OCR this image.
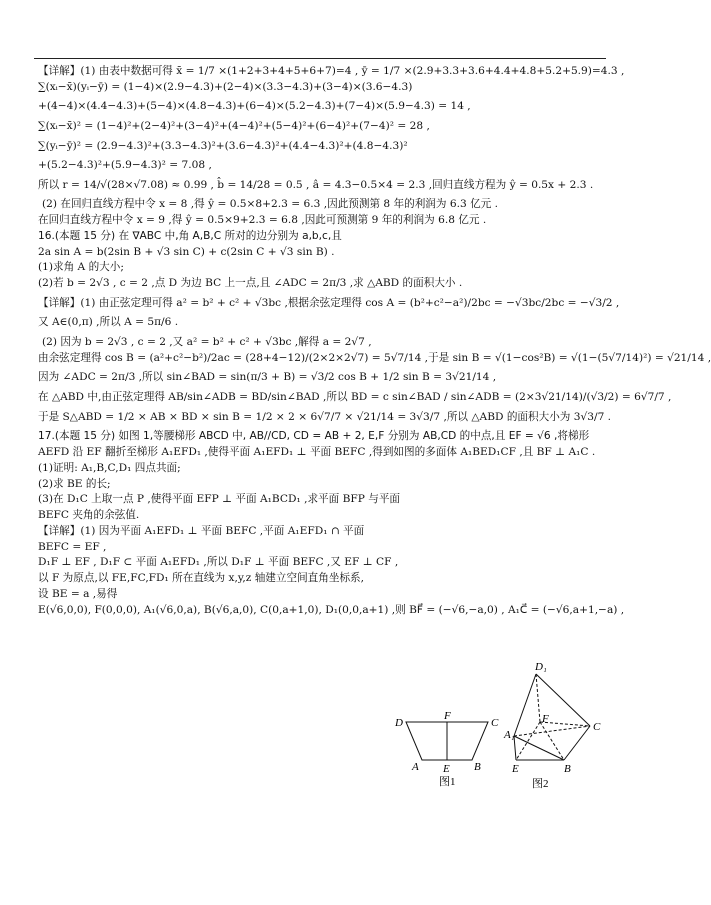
【详解】(1) 由表中数据可得 x̄ = 1/7 ×(1+2+3+4+5+6+7)=4 , ȳ = 1/7 ×(2.9+3.3+3.6+4.4+4.8+5.2+5.9)=4.3 ,
∑(xᵢ−x̄)(yᵢ−ȳ) = (1−4)×(2.9−4.3)+(2−4)×(3.3−4.3)+(3−4)×(3.6−4.3)
+(4−4)×(4.4−4.3)+(5−4)×(4.8−4.3)+(6−4)×(5.2−4.3)+(7−4)×(5.9−4.3) = 14 ,
∑(xᵢ−x̄)² = (1−4)²+(2−4)²+(3−4)²+(4−4)²+(5−4)²+(6−4)²+(7−4)² = 28 ,
∑(yᵢ−ȳ)² = (2.9−4.3)²+(3.3−4.3)²+(3.6−4.3)²+(4.4−4.3)²+(4.8−4.3)²
+(5.2−4.3)²+(5.9−4.3)² = 7.08 ,
所以 r = 14/√(28×√7.08) ≈ 0.99 , b̂ = 14/28 = 0.5 , â = 4.3−0.5×4 = 2.3 ,回归直线方程为 ŷ = 0.5x + 2.3 .
(2) 在回归直线方程中令 x = 8 ,得 ŷ = 0.5×8+2.3 = 6.3 ,因此预测第 8 年的利润为 6.3 亿元 .
在回归直线方程中令 x = 9 ,得 ŷ = 0.5×9+2.3 = 6.8 ,因此可预测第 9 年的利润为 6.8 亿元 .
16.(本题 15 分) 在 ∇ABC 中,角 A,B,C 所对的边分别为 a,b,c,且
2a sin A = b(2sin B + √3 sin C) + c(2sin C + √3 sin B) .
(1)求角 A 的大小;
(2)若 b = 2√3 , c = 2 ,点 D 为边 BC 上一点,且 ∠ADC = 2π/3 ,求 △ABD 的面积大小 .
【详解】(1) 由正弦定理可得 a² = b² + c² + √3bc ,根据余弦定理得 cos A = (b²+c²−a²)/2bc = −√3bc/2bc = −√3/2 ,
又 A∈(0,π) ,所以 A = 5π/6 .
(2) 因为 b = 2√3 , c = 2 ,又 a² = b² + c² + √3bc ,解得 a = 2√7 ,
由余弦定理得 cos B = (a²+c²−b²)/2ac = (28+4−12)/(2×2×2√7) = 5√7/14 ,于是 sin B = √(1−cos²B) = √(1−(5√7/14)²) = √21/14 ,
因为 ∠ADC = 2π/3 ,所以 sin∠BAD = sin(π/3 + B) = √3/2 cos B + 1/2 sin B = 3√21/14 ,
在 △ABD 中,由正弦定理得 AB/sin∠ADB = BD/sin∠BAD ,所以 BD = c sin∠BAD / sin∠ADB = (2×3√21/14)/(√3/2) = 6√7/7 ,
于是 S△ABD = 1/2 × AB × BD × sin B = 1/2 × 2 × 6√7/7 × √21/14 = 3√3/7 ,所以 △ABD 的面积大小为 3√3/7 .
17.(本题 15 分) 如图 1,等腰梯形 ABCD 中, AB//CD, CD = AB + 2, E,F 分别为 AB,CD 的中点,且 EF = √6 ,将梯形
AEFD 沿 EF 翻折至梯形 A₁EFD₁ ,使得平面 A₁EFD₁ ⊥ 平面 BEFC ,得到如图的多面体 A₁BED₁CF ,且 BF ⊥ A₁C .
(1)证明: A₁,B,C,D₁ 四点共面;
(2)求 BE 的长;
(3)在 D₁C 上取一点 P ,使得平面 EFP ⊥ 平面 A₁BCD₁ ,求平面 BFP 与平面
BEFC 夹角的余弦值.
【详解】(1) 因为平面 A₁EFD₁ ⊥ 平面 BEFC ,平面 A₁EFD₁ ∩ 平面
BEFC = EF ,
D₁F ⊥ EF , D₁F ⊂ 平面 A₁EFD₁ ,所以 D₁F ⊥ 平面 BEFC ,又 EF ⊥ CF ,
以 F 为原点,以 FE,FC,FD₁ 所在直线为 x,y,z 轴建立空间直角坐标系,
设 BE = a ,易得
E(√6,0,0), F(0,0,0), A₁(√6,0,a), B(√6,a,0), C(0,a+1,0), D₁(0,0,a+1) ,则 BF⃗ = (−√6,−a,0) , A₁C⃗ = (−√6,a+1,−a) ,
D
F
C
A E B
图1
D₁
F
C
A₁
E	B
图2
